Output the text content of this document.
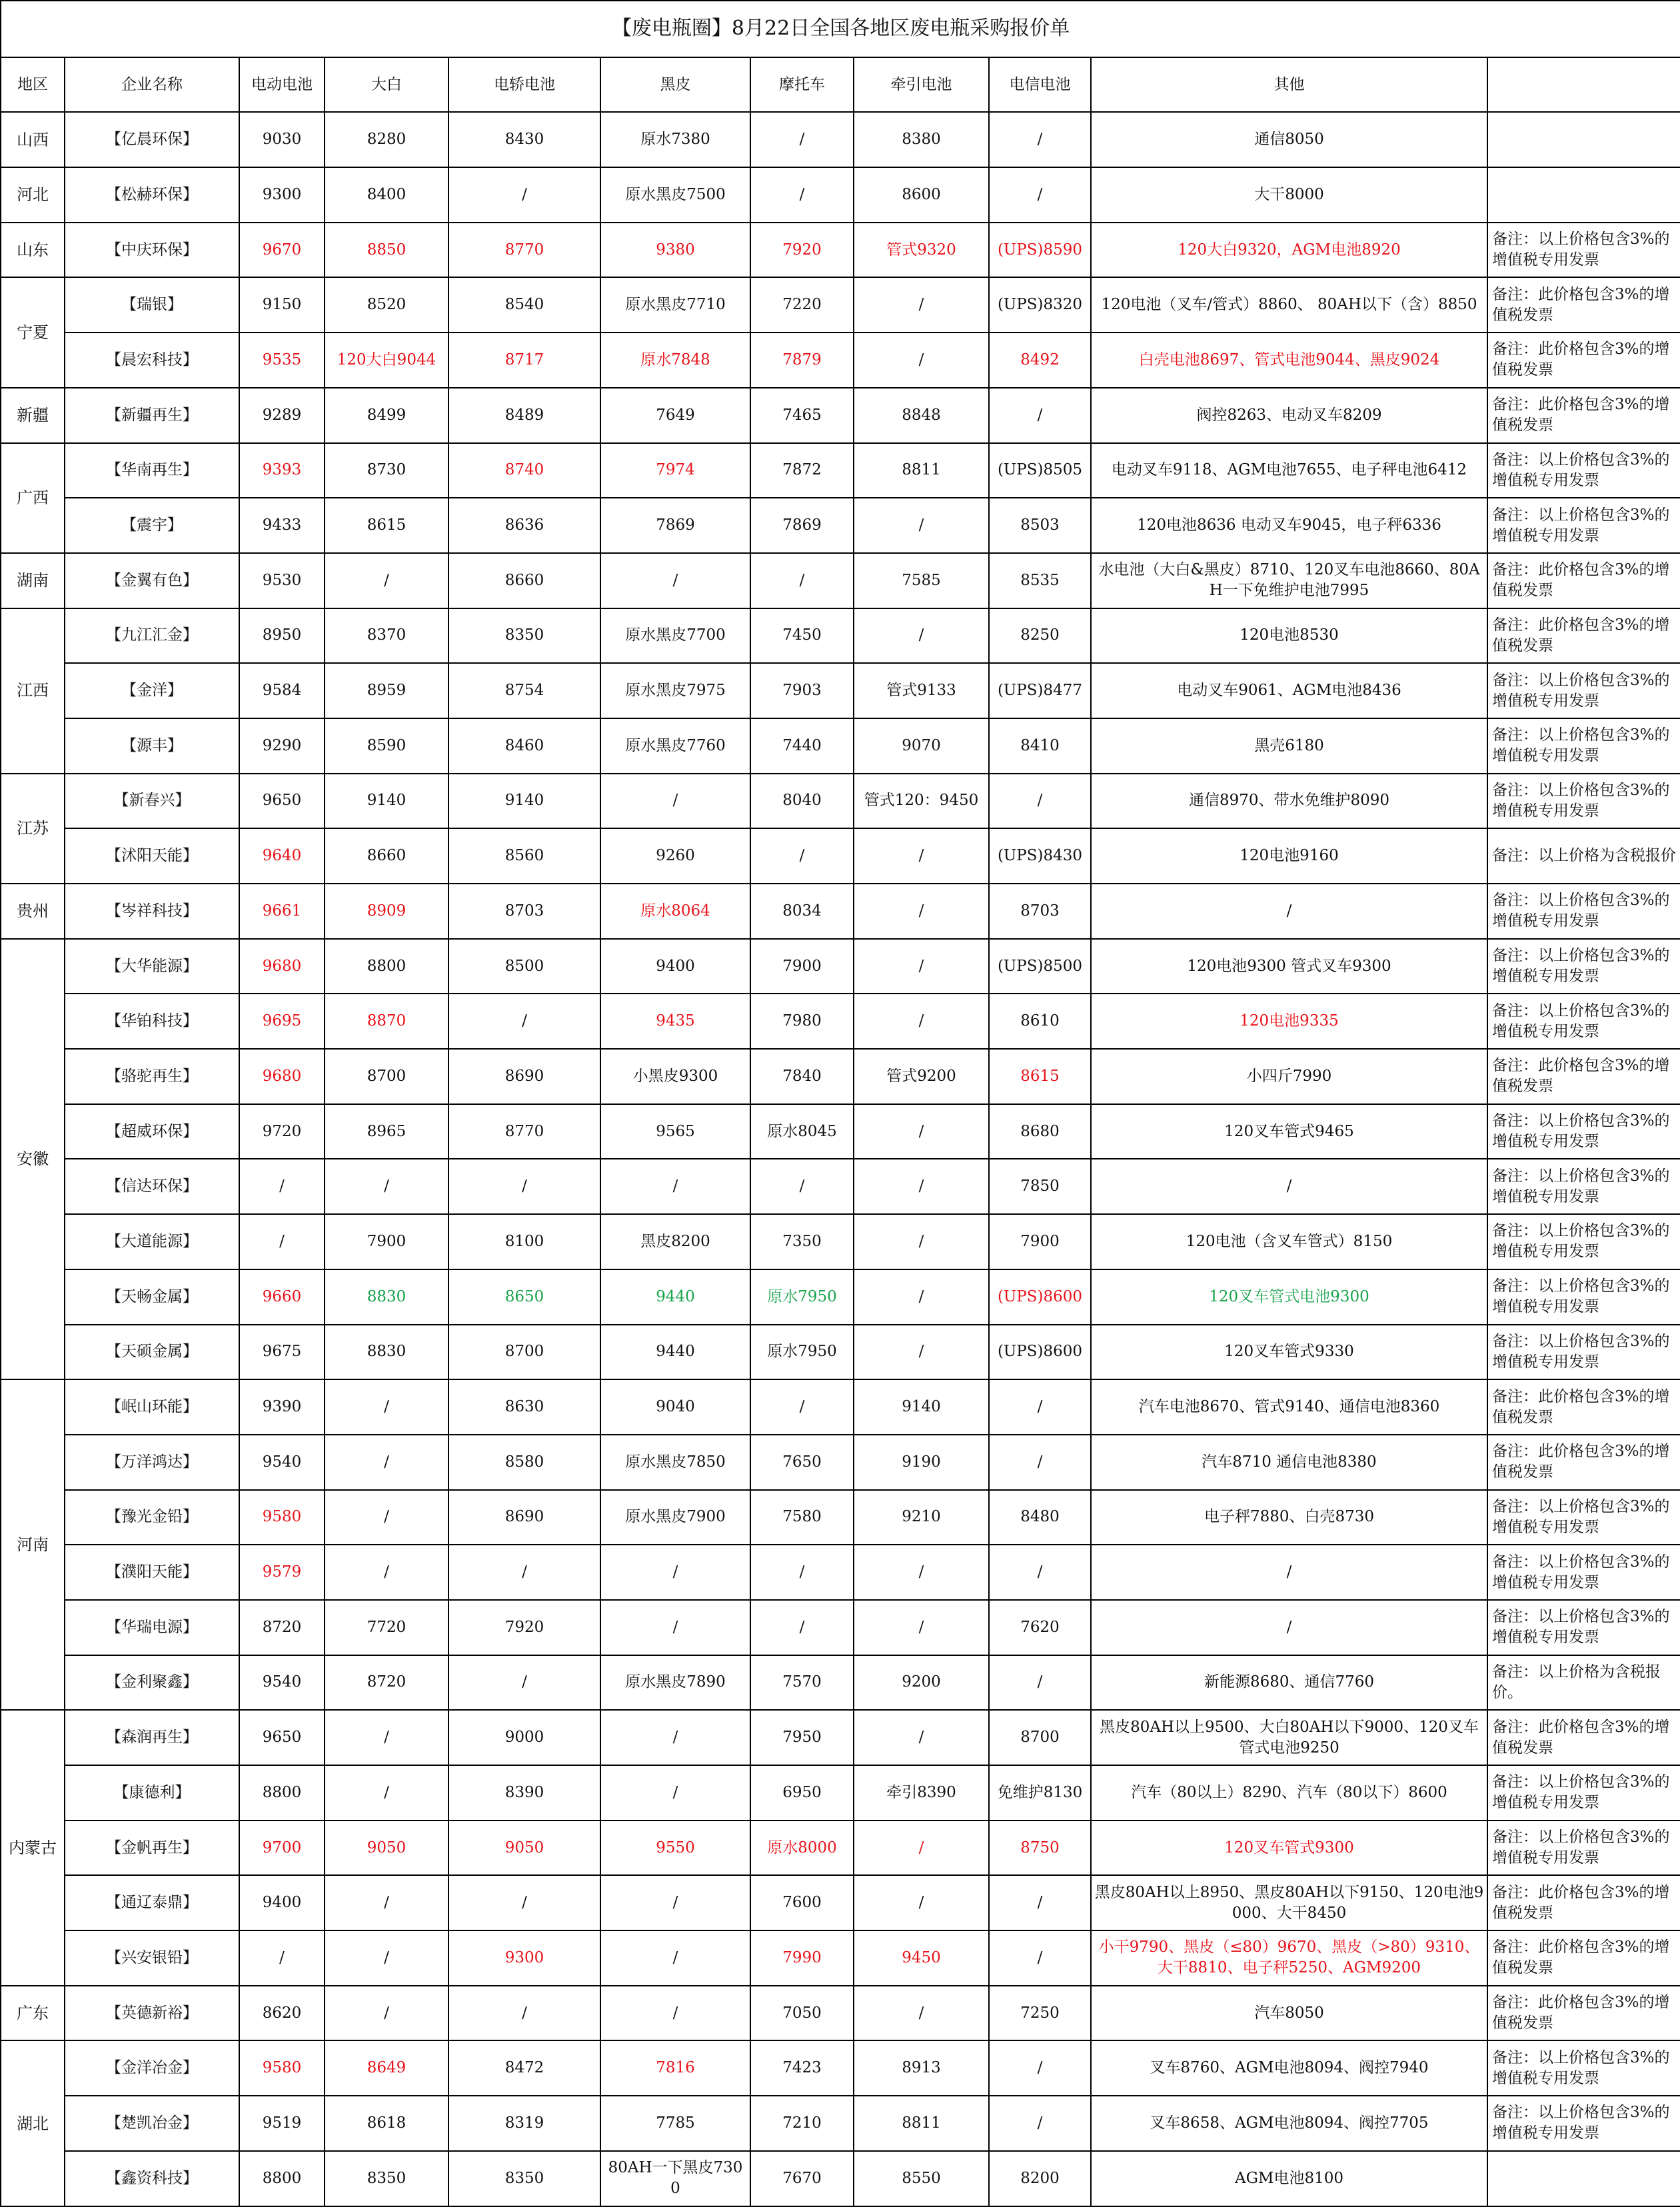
【废电瓶圈】8月22日全国各地区废电瓶采购报价单										
地区	企业名称	电动电池	大白	电轿电池	黑皮	摩托车	牵引电池	电信电池	其他	
山西	【亿晨环保】	9030	8280	8430	原水7380	/	8380	/	通信8050	
河北	【松赫环保】	9300	8400	/	原水黑皮7500	/	8600	/	大干8000	
山东	【中庆环保】	9670	8850	8770	9380	7920	管式9320	(UPS)8590	120大白9320，AGM电池8920	备注：以上价格包含3%的增值税专用发票
宁夏	【瑞银】	9150	8520	8540	原水黑皮7710	7220	/	(UPS)8320	120电池（叉车/管式）8860、 80AH以下（含）8850	备注：此价格包含3%的增值税发票
	【晨宏科技】	9535	120大白9044	8717	原水7848	7879	/	8492	白壳电池8697、管式电池9044、黑皮9024	备注：此价格包含3%的增值税发票
新疆	【新疆再生】	9289	8499	8489	7649	7465	8848	/	阀控8263、电动叉车8209	备注：此价格包含3%的增值税发票
广西	【华南再生】	9393	8730	8740	7974	7872	8811	(UPS)8505	电动叉车9118、AGM电池7655、电子秤电池6412	备注：以上价格包含3%的增值税专用发票
	【震宇】	9433	8615	8636	7869	7869	/	8503	120电池8636 电动叉车9045，电子秤6336	备注：以上价格包含3%的增值税专用发票
湖南	【金翼有色】	9530	/	8660	/	/	7585	8535	水电池（大白&黑皮）8710、120叉车电池8660、80AH一下免维护电池7995	备注：此价格包含3%的增值税发票
江西	【九江汇金】	8950	8370	8350	原水黑皮7700	7450	/	8250	120电池8530	备注：此价格包含3%的增值税发票
	【金洋】	9584	8959	8754	原水黑皮7975	7903	管式9133	(UPS)8477	电动叉车9061、AGM电池8436	备注：以上价格包含3%的增值税专用发票
	【源丰】	9290	8590	8460	原水黑皮7760	7440	9070	8410	黑壳6180	备注：以上价格包含3%的增值税专用发票
江苏	【新春兴】	9650	9140	9140	/	8040	管式120：9450	/	通信8970、带水免维护8090	备注：以上价格包含3%的增值税专用发票
	【沭阳天能】	9640	8660	8560	9260	/	/	(UPS)8430	120电池9160	备注：以上价格为含税报价
贵州	【岑祥科技】	9661	8909	8703	原水8064	8034	/	8703	/	备注：以上价格包含3%的增值税专用发票
安徽	【大华能源】	9680	8800	8500	9400	7900	/	(UPS)8500	120电池9300 管式叉车9300	备注：以上价格包含3%的增值税专用发票
	【华铂科技】	9695	8870	/	9435	7980	/	8610	120电池9335	备注：以上价格包含3%的增值税专用发票
	【骆驼再生】	9680	8700	8690	小黑皮9300	7840	管式9200	8615	小四斤7990	备注：此价格包含3%的增值税发票
	【超威环保】	9720	8965	8770	9565	原水8045	/	8680	120叉车管式9465	备注：以上价格包含3%的增值税专用发票
	【信达环保】	/	/	/	/	/	/	7850	/	备注：以上价格包含3%的增值税专用发票
	【大道能源】	/	7900	8100	黑皮8200	7350	/	7900	120电池（含叉车管式）8150	备注：以上价格包含3%的增值税专用发票
	【天畅金属】	9660	8830	8650	9440	原水7950	/	(UPS)8600	120叉车管式电池9300	备注：以上价格包含3%的增值税专用发票
	【天硕金属】	9675	8830	8700	9440	原水7950	/	(UPS)8600	120叉车管式9330	备注：以上价格包含3%的增值税专用发票
河南	【岷山环能】	9390	/	8630	9040	/	9140	/	汽车电池8670、管式9140、通信电池8360	备注：此价格包含3%的增值税发票
	【万洋鸿达】	9540	/	8580	原水黑皮7850	7650	9190	/	汽车8710 通信电池8380	备注：此价格包含3%的增值税发票
	【豫光金铅】	9580	/	8690	原水黑皮7900	7580	9210	8480	电子秤7880、白壳8730	备注：以上价格包含3%的增值税专用发票
	【濮阳天能】	9579	/	/	/	/	/	/	/	备注：以上价格包含3%的增值税专用发票
	【华瑞电源】	8720	7720	7920	/	/	/	7620	/	备注：以上价格包含3%的增值税专用发票
	【金利聚鑫】	9540	8720	/	原水黑皮7890	7570	9200	/	新能源8680、通信7760	备注：以上价格为含税报价。
内蒙古	【森润再生】	9650	/	9000	/	7950	/	8700	黑皮80AH以上9500、大白80AH以下9000、120叉车管式电池9250	备注：此价格包含3%的增值税发票
	【康德利】	8800	/	8390	/	6950	牵引8390	免维护8130	汽车（80以上）8290、汽车（80以下）8600	备注：以上价格包含3%的增值税专用发票
	【金帆再生】	9700	9050	9050	9550	原水8000	/	8750	120叉车管式9300	备注：以上价格包含3%的增值税专用发票
	【通辽泰鼎】	9400	/	/	/	7600	/	/	黑皮80AH以上8950、黑皮80AH以下9150、120电池9000、大干8450	备注：此价格包含3%的增值税发票
	【兴安银铅】	/	/	9300	/	7990	9450	/	小干9790、黑皮（≤80）9670、黑皮（>80）9310、大干8810、电子秤5250、AGM9200	备注：此价格包含3%的增值税发票
广东	【英德新裕】	8620	/	/	/	7050	/	7250	汽车8050	备注：此价格包含3%的增值税发票
湖北	【金洋冶金】	9580	8649	8472	7816	7423	8913	/	叉车8760、AGM电池8094、阀控7940	备注：以上价格包含3%的增值税专用发票
	【楚凯冶金】	9519	8618	8319	7785	7210	8811	/	叉车8658、AGM电池8094、阀控7705	备注：以上价格包含3%的增值税专用发票
	【鑫资科技】	8800	8350	8350	80AH一下黑皮7300	7670	8550	8200	AGM电池8100	
